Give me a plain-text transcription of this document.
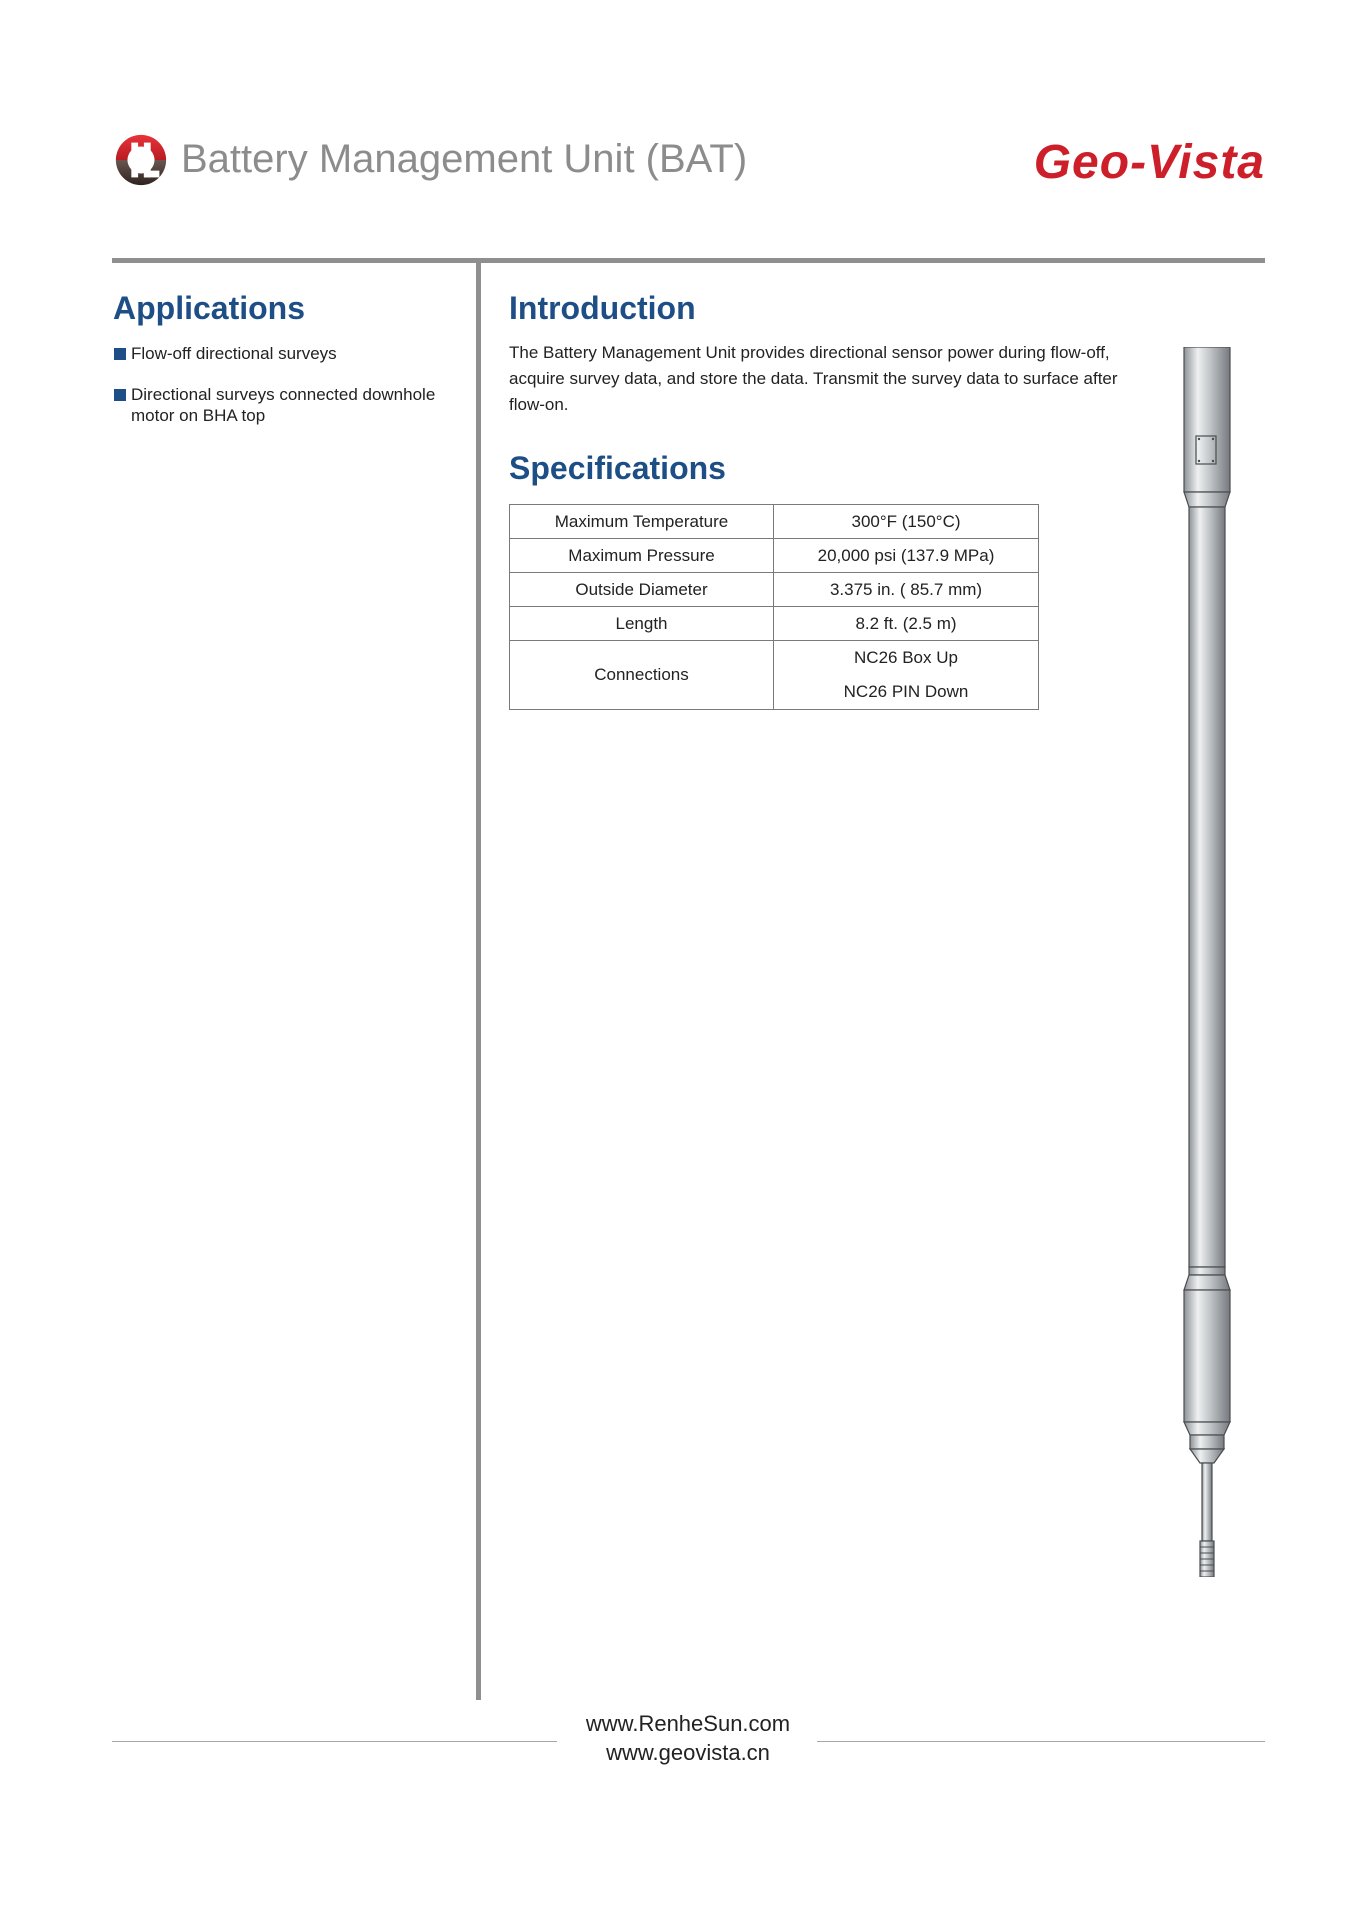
Battery Management Unit (BAT)	Geo-Vista
Applications
Flow-off directional surveys
Directional surveys connected downhole motor on BHA top
Introduction

The Battery Management Unit provides directional sensor power during flow-off, acquire survey data, and store the data. Transmit the survey data to surface after flow-on.

Specifications
Maximum Temperature	300°F (150°C)
Maximum Pressure	20,000 psi (137.9 MPa)
Outside Diameter	3.375 in. ( 85.7 mm)
Length	8.2 ft. (2.5 m)
Connections	NC26 Box Up
NC26 PIN Down
www.RenheSun.com
www.geovista.cn
